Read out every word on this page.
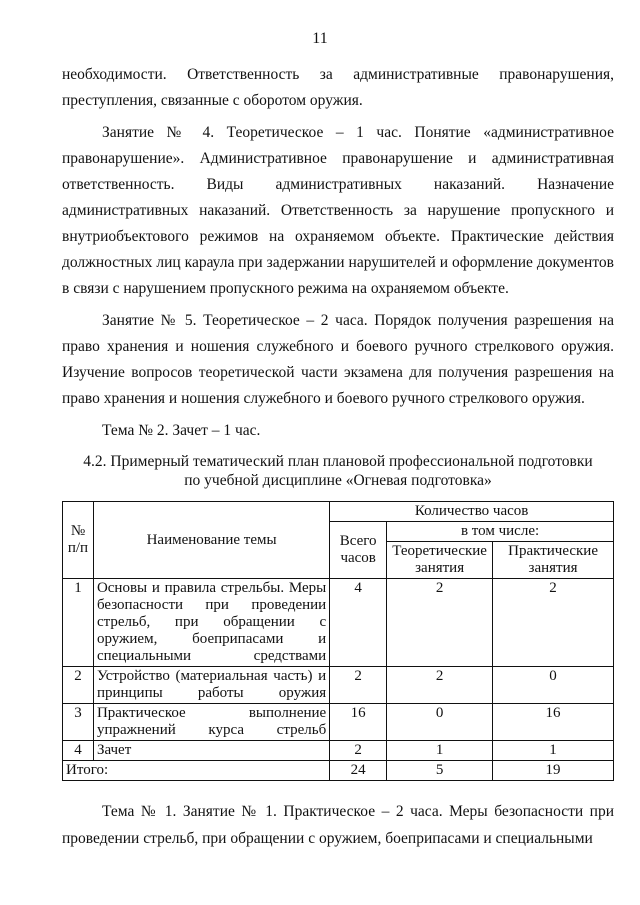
11

необходимости. Ответственность за административные правонарушения, преступления, связанные с оборотом оружия.

Занятие № 4. Теоретическое – 1 час. Понятие «административное правонарушение». Административное правонарушение и административная ответственность. Виды административных наказаний. Назначение административных наказаний. Ответственность за нарушение пропускного и внутриобъектового режимов на охраняемом объекте. Практические действия должностных лиц караула при задержании нарушителей и оформление документов в связи с нарушением пропускного режима на охраняемом объекте.

Занятие № 5. Теоретическое – 2 часа. Порядок получения разрешения на право хранения и ношения служебного и боевого ручного стрелкового оружия. Изучение вопросов теоретической части экзамена для получения разрешения на право хранения и ношения служебного и боевого ручного стрелкового оружия.

Тема № 2. Зачет – 1 час.

4.2. Примерный тематический план плановой профессиональной подготовки
по учебной дисциплине «Огневая подготовка»
№ п/п	Наименование темы	Количество часов		
		Всего часов	в том числе:	
			Теоретические занятия	Практические занятия
1	Основы и правила стрельбы. Меры безопасности при проведении стрельб, при обращении с оружием, боеприпасами и специальными средствами	4	2	2
2	Устройство (материальная часть) и принципы работы оружия	2	2	0
3	Практическое выполнение упражнений курса стрельб	16	0	16
4	Зачет	2	1	1
Итого:		24	5	19

Тема № 1. Занятие № 1. Практическое – 2 часа. Меры безопасности при проведении стрельб, при обращении с оружием, боеприпасами и специальными
